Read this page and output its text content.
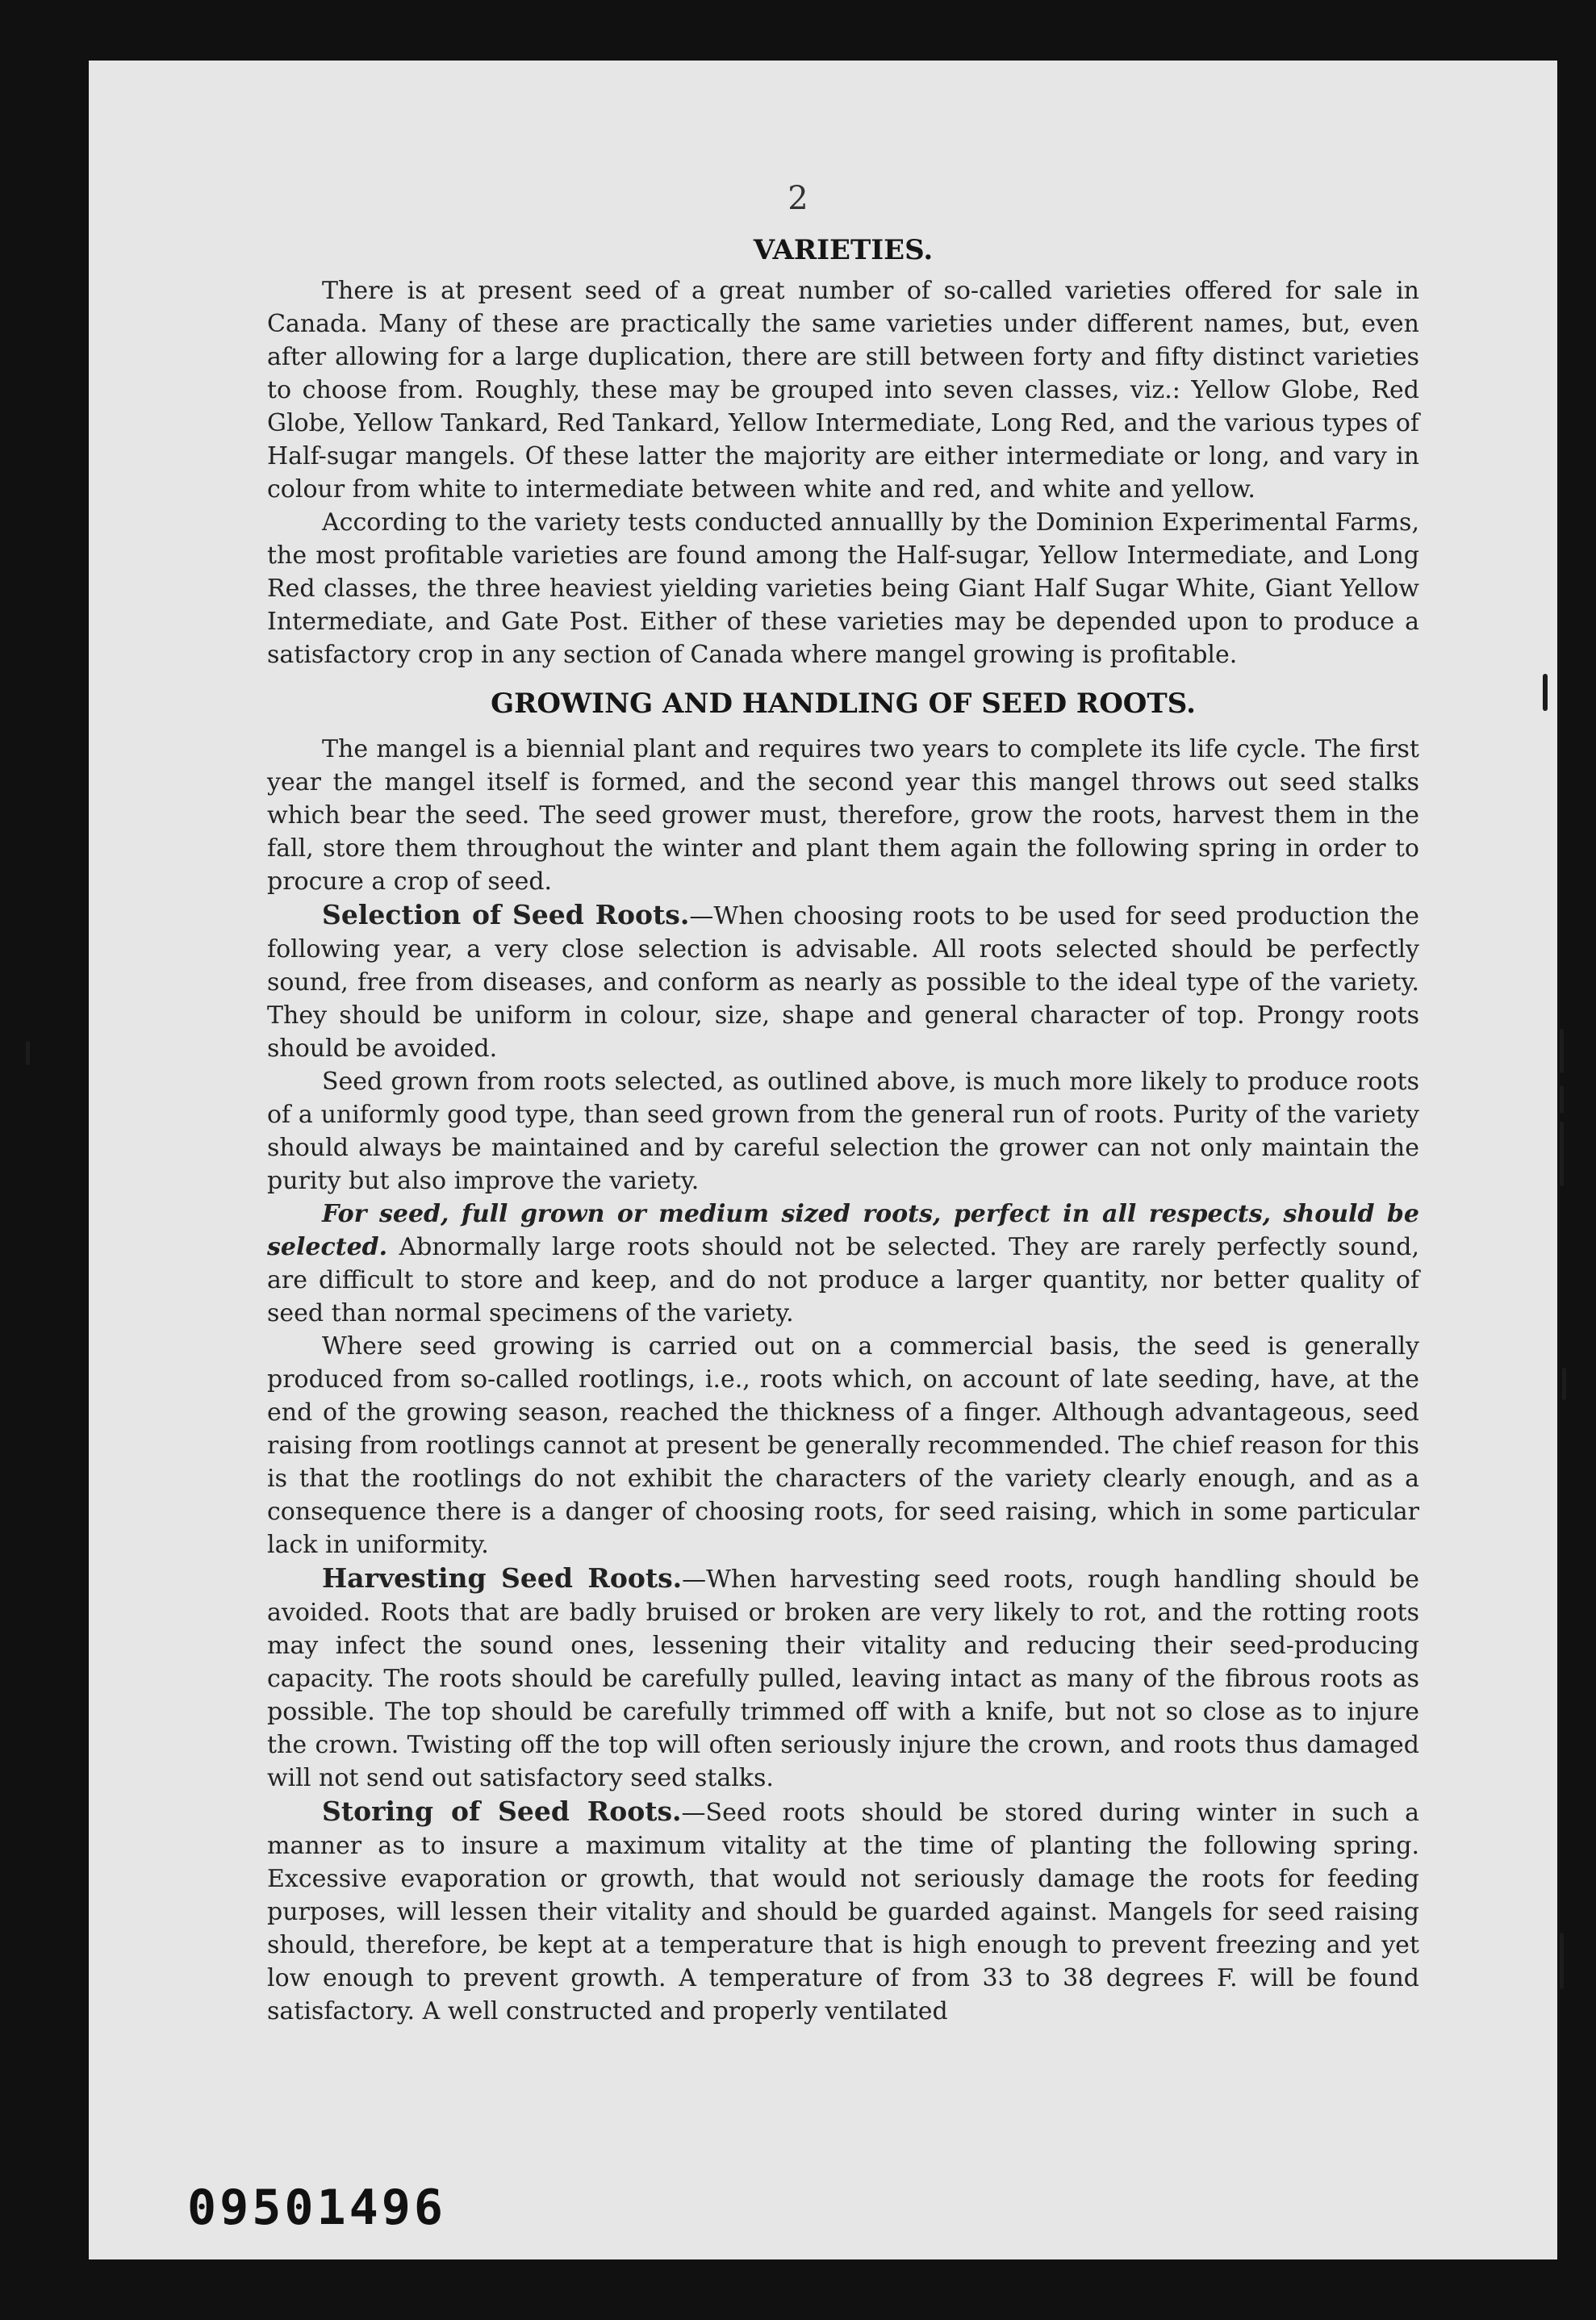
2
VARIETIES.

There is at present seed of a great number of so-called varieties offered for sale in Canada. Many of these are practically the same varieties under different names, but, even after allowing for a large duplication, there are still between forty and fifty distinct varieties to choose from. Roughly, these may be grouped into seven classes, viz.: Yellow Globe, Red Globe, Yellow Tankard, Red Tankard, Yellow Intermediate, Long Red, and the various types of Half-sugar mangels. Of these latter the majority are either intermediate or long, and vary in colour from white to intermediate between white and red, and white and yellow.

According to the variety tests conducted annuallly by the Dominion Experimental Farms, the most profitable varieties are found among the Half-sugar, Yellow Intermediate, and Long Red classes, the three heaviest yielding varieties being Giant Half Sugar White, Giant Yellow Intermediate, and Gate Post. Either of these varieties may be depended upon to produce a satisfactory crop in any section of Canada where mangel growing is profitable.

GROWING AND HANDLING OF SEED ROOTS.

The mangel is a biennial plant and requires two years to complete its life cycle. The first year the mangel itself is formed, and the second year this mangel throws out seed stalks which bear the seed. The seed grower must, therefore, grow the roots, harvest them in the fall, store them throughout the winter and plant them again the following spring in order to procure a crop of seed.

Selection of Seed Roots.—When choosing roots to be used for seed production the following year, a very close selection is advisable. All roots selected should be perfectly sound, free from diseases, and conform as nearly as possible to the ideal type of the variety. They should be uniform in colour, size, shape and general character of top. Prongy roots should be avoided.

Seed grown from roots selected, as outlined above, is much more likely to produce roots of a uniformly good type, than seed grown from the general run of roots. Purity of the variety should always be maintained and by careful selection the grower can not only maintain the purity but also improve the variety.

For seed, full grown or medium sized roots, perfect in all respects, should be selected. Abnormally large roots should not be selected. They are rarely perfectly sound, are difficult to store and keep, and do not produce a larger quantity, nor better quality of seed than normal specimens of the variety.

Where seed growing is carried out on a commercial basis, the seed is generally produced from so-called rootlings, i.e., roots which, on account of late seeding, have, at the end of the growing season, reached the thickness of a finger. Although advantageous, seed raising from rootlings cannot at present be generally recommended. The chief reason for this is that the rootlings do not exhibit the characters of the variety clearly enough, and as a consequence there is a danger of choosing roots, for seed raising, which in some particular lack in uniformity.

Harvesting Seed Roots.—When harvesting seed roots, rough handling should be avoided. Roots that are badly bruised or broken are very likely to rot, and the rotting roots may infect the sound ones, lessening their vitality and reducing their seed-producing capacity. The roots should be carefully pulled, leaving intact as many of the fibrous roots as possible. The top should be carefully trimmed off with a knife, but not so close as to injure the crown. Twisting off the top will often seriously injure the crown, and roots thus damaged will not send out satisfactory seed stalks.

Storing of Seed Roots.—Seed roots should be stored during winter in such a manner as to insure a maximum vitality at the time of planting the following spring. Excessive evaporation or growth, that would not seriously damage the roots for feeding purposes, will lessen their vitality and should be guarded against. Mangels for seed raising should, therefore, be kept at a temperature that is high enough to prevent freezing and yet low enough to prevent growth. A temperature of from 33 to 38 degrees F. will be found satisfactory. A well constructed and properly ventilated

09501496
